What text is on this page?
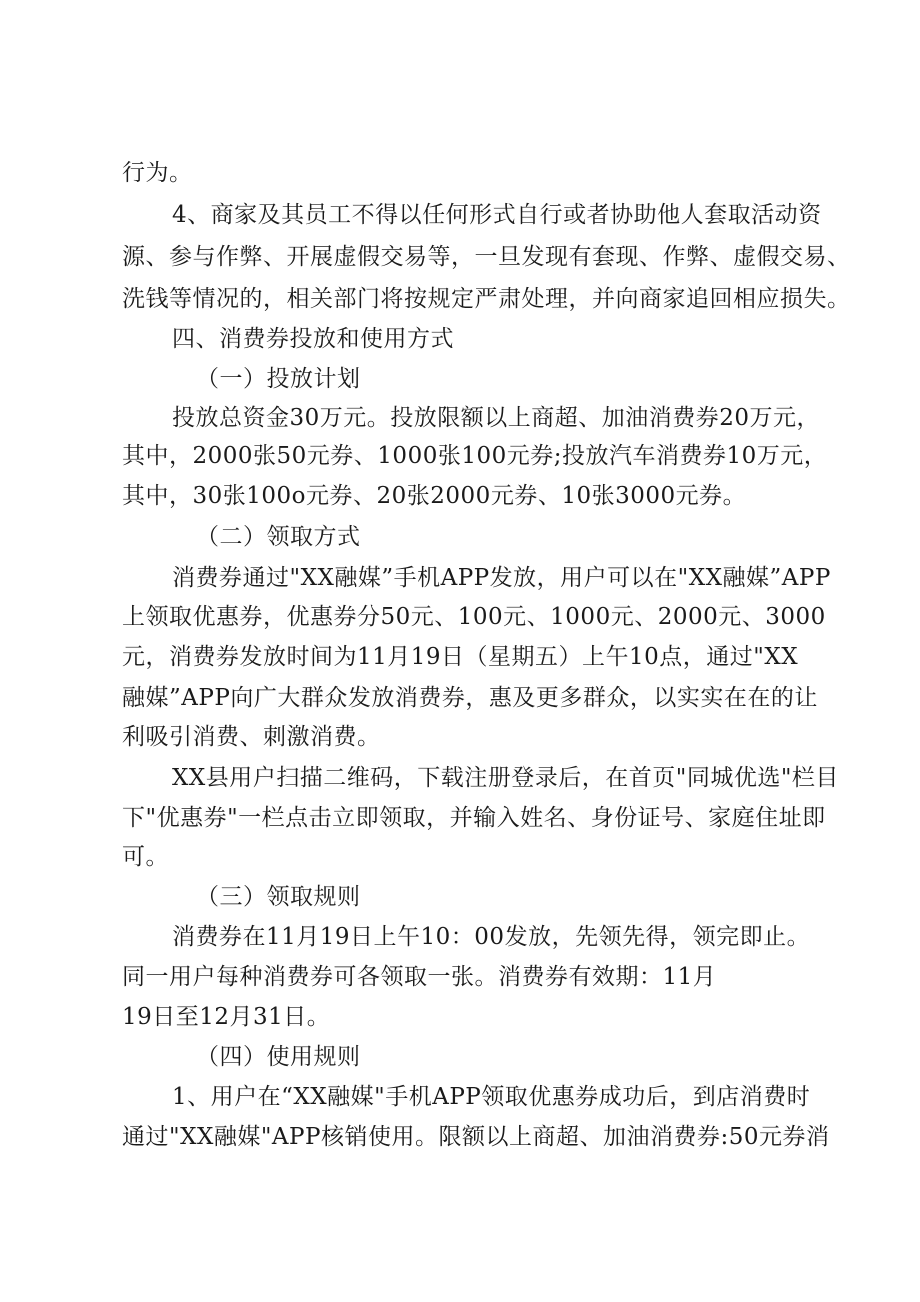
行为。
4、商家及其员工不得以任何形式自行或者协助他人套取活动资
源、参与作弊、开展虚假交易等，一旦发现有套现、作弊、虚假交易、
洗钱等情况的，相关部门将按规定严肃处理，并向商家追回相应损失。
四、消费券投放和使用方式
（一）投放计划
投放总资金30万元。投放限额以上商超、加油消费券20万元，
其中，2000张50元券、1000张100元券;投放汽车消费券10万元，
其中，30张100o元券、20张2000元券、10张3000元券。
（二）领取方式
消费券通过"XX融媒”手机APP发放，用户可以在"XX融媒”APP
上领取优惠券，优惠券分50元、100元、1000元、2000元、3000
元，消费券发放时间为11月19日（星期五）上午10点，通过"XX
融媒”APP向广大群众发放消费券，惠及更多群众，以实实在在的让
利吸引消费、刺激消费。
XX县用户扫描二维码，下载注册登录后，在首页"同城优选"栏目
下"优惠券"一栏点击立即领取，并输入姓名、身份证号、家庭住址即
可。
（三）领取规则
消费券在11月19日上午10：00发放，先领先得，领完即止。
同一用户每种消费券可各领取一张。消费券有效期：11月
19日至12月31日。
（四）使用规则
1、用户在“XX融媒"手机APP领取优惠券成功后，到店消费时
通过"XX融媒"APP核销使用。限额以上商超、加油消费券:50元券消
